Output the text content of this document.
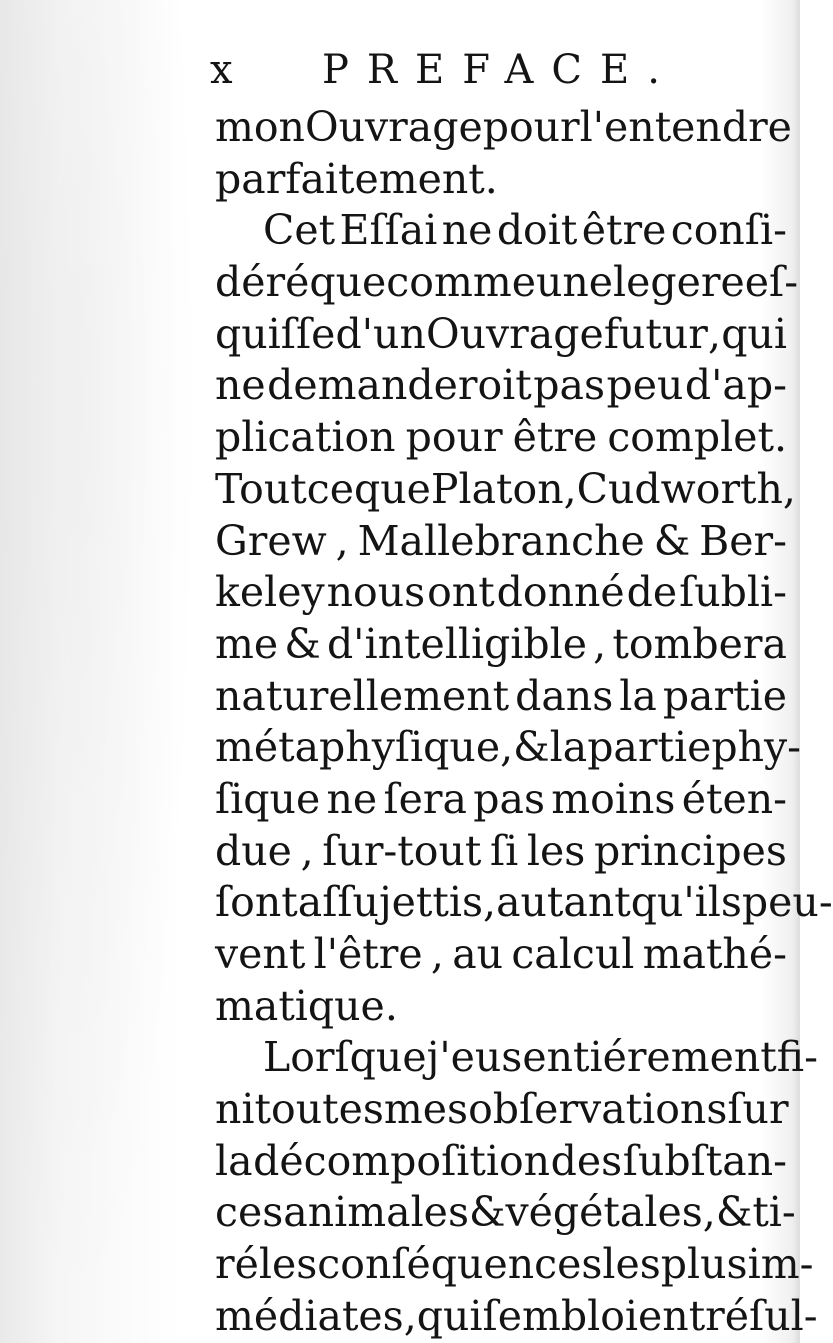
x PREFACE.
mon Ouvrage pour l'entendre
parfaitement.
Cet Eſſai ne doit être conſi-
déré que comme une legere eſ-
quiſſe d'un Ouvrage futur , qui
ne demanderoit pas peu d'ap-
plication pour être complet.
Tout ce que Platon, Cudworth,
Grew , Mallebranche & Ber-
keley nous ont donné de ſubli-
me & d'intelligible , tombera
naturellement dans la partie
métaphyſique, & la partie phy-
ſique ne ſera pas moins éten-
due , ſur-tout ſi les principes
ſont aſſujettis,autant qu'ils peu-
vent l'être , au calcul mathé-
matique.
Lorſque j'eus entiérement fi-
ni toutes mes obſervations ſur
la décompoſition des ſubſtan-
ces animales & végétales , & ti-
ré les conſéquences les plus im-
médiates , qui ſembloient réſul-
